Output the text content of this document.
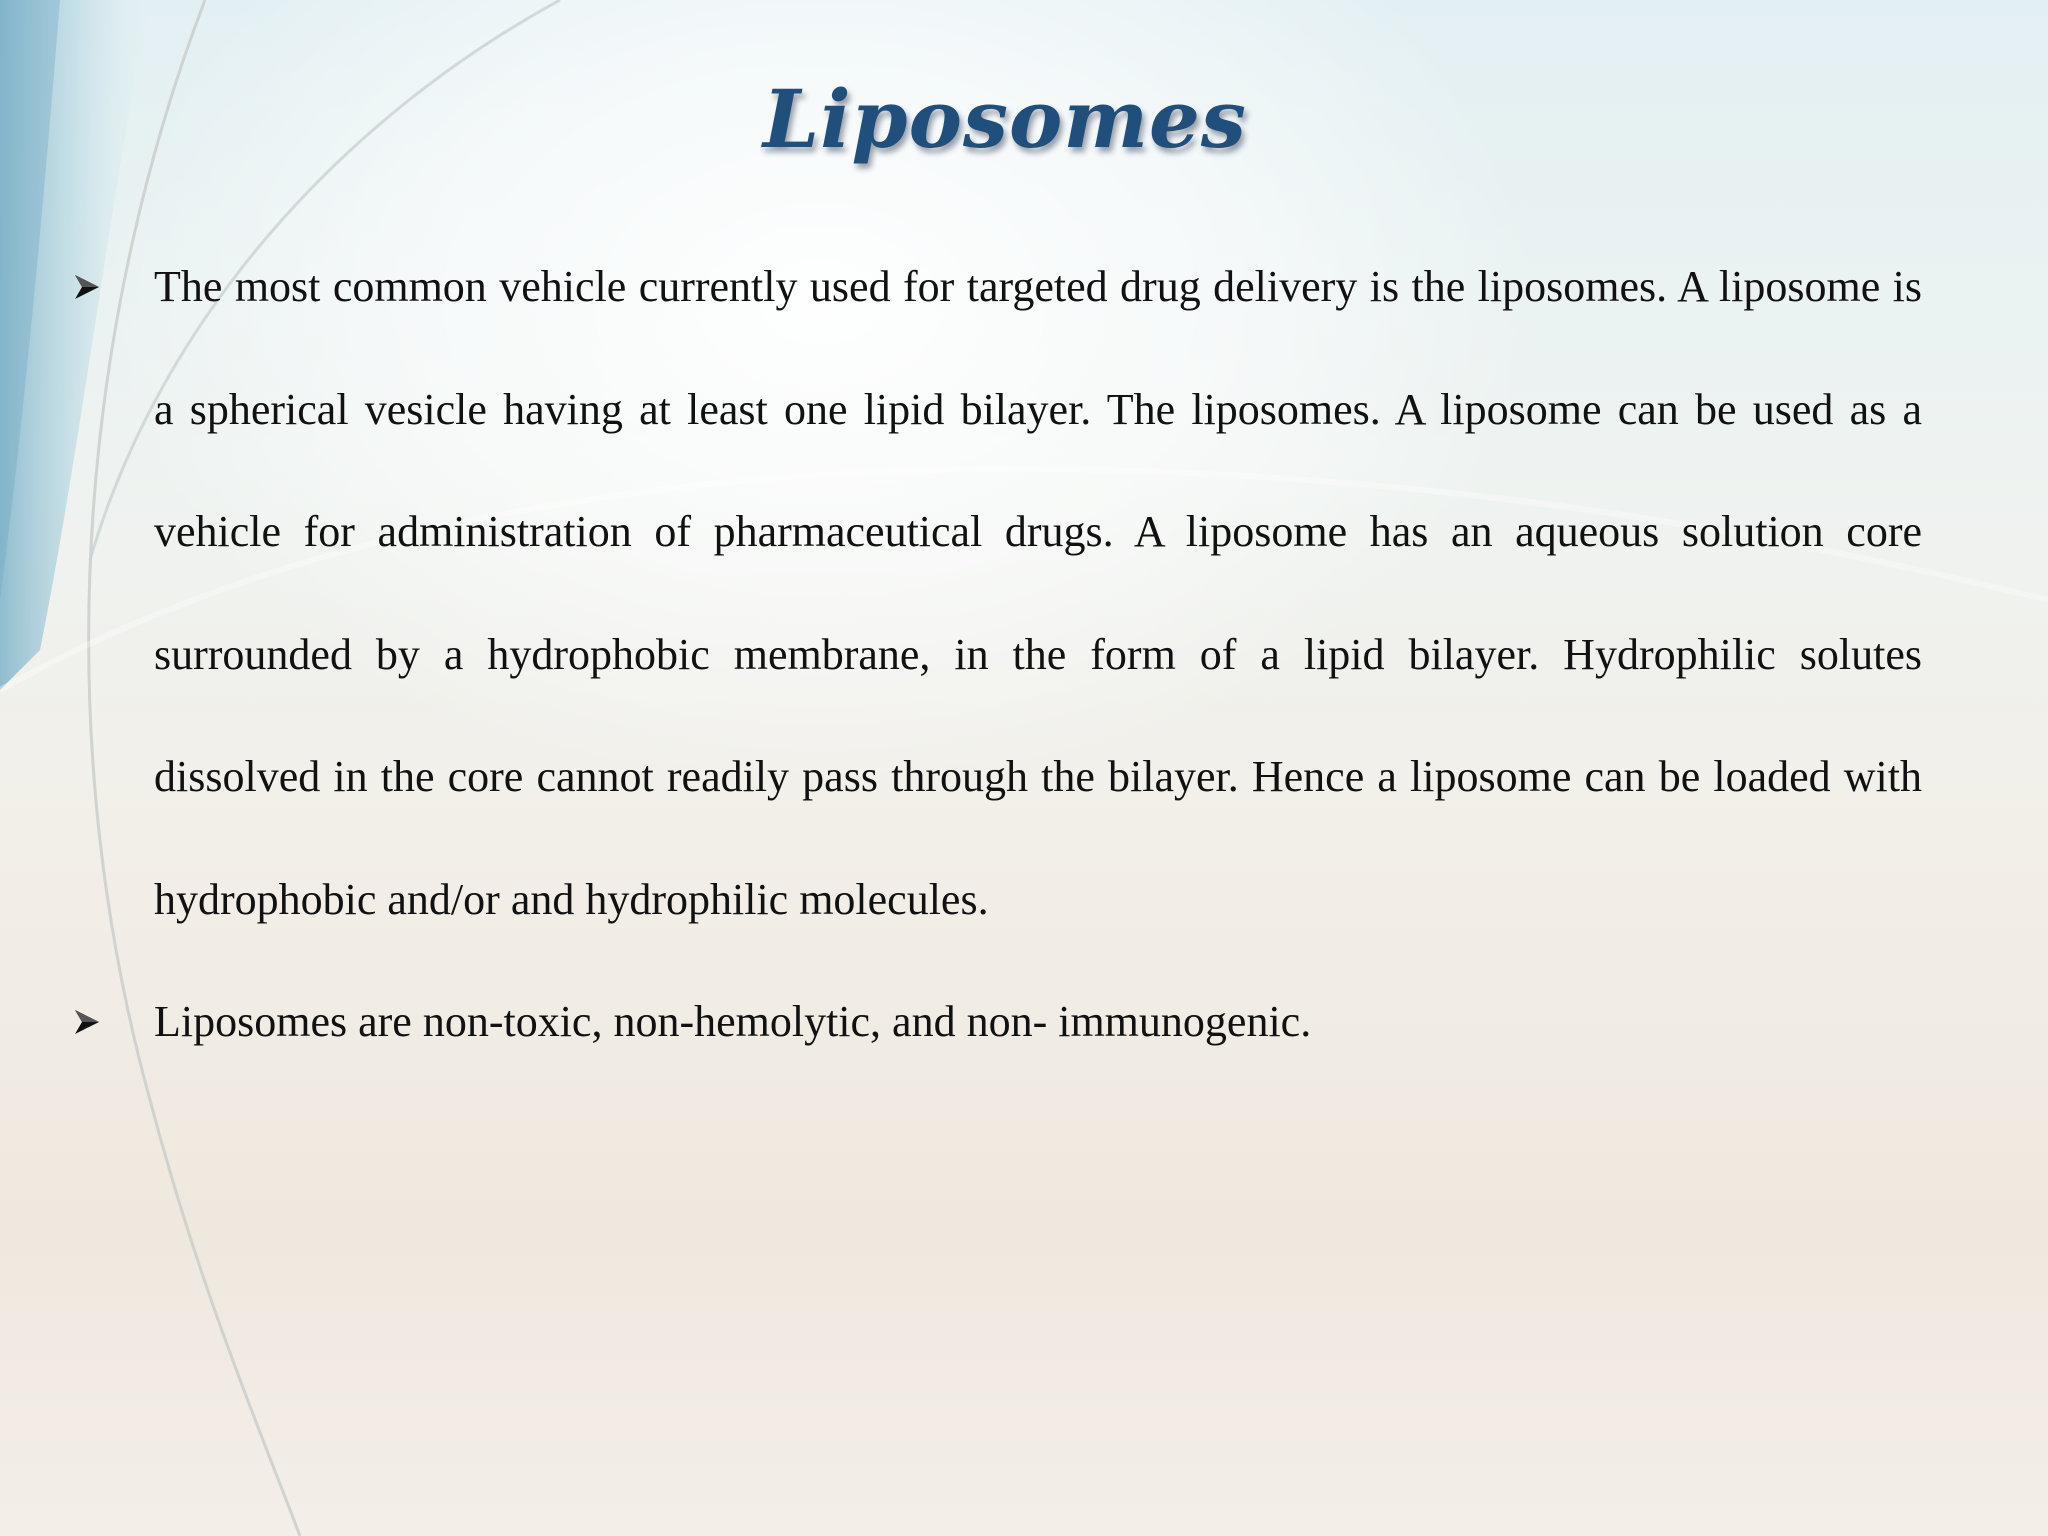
Liposomes
The most common vehicle currently used for targeted drug delivery is the liposomes. A liposome is a spherical vesicle having at least one lipid bilayer. The liposomes. A liposome can be used as a vehicle for administration of pharmaceutical drugs. A liposome has an aqueous solution core surrounded by a hydrophobic membrane, in the form of a lipid bilayer. Hydrophilic solutes dissolved in the core cannot readily pass through the bilayer. Hence a liposome can be loaded with hydrophobic and/or and hydrophilic molecules.
Liposomes are non-toxic, non-hemolytic, and non- immunogenic.
